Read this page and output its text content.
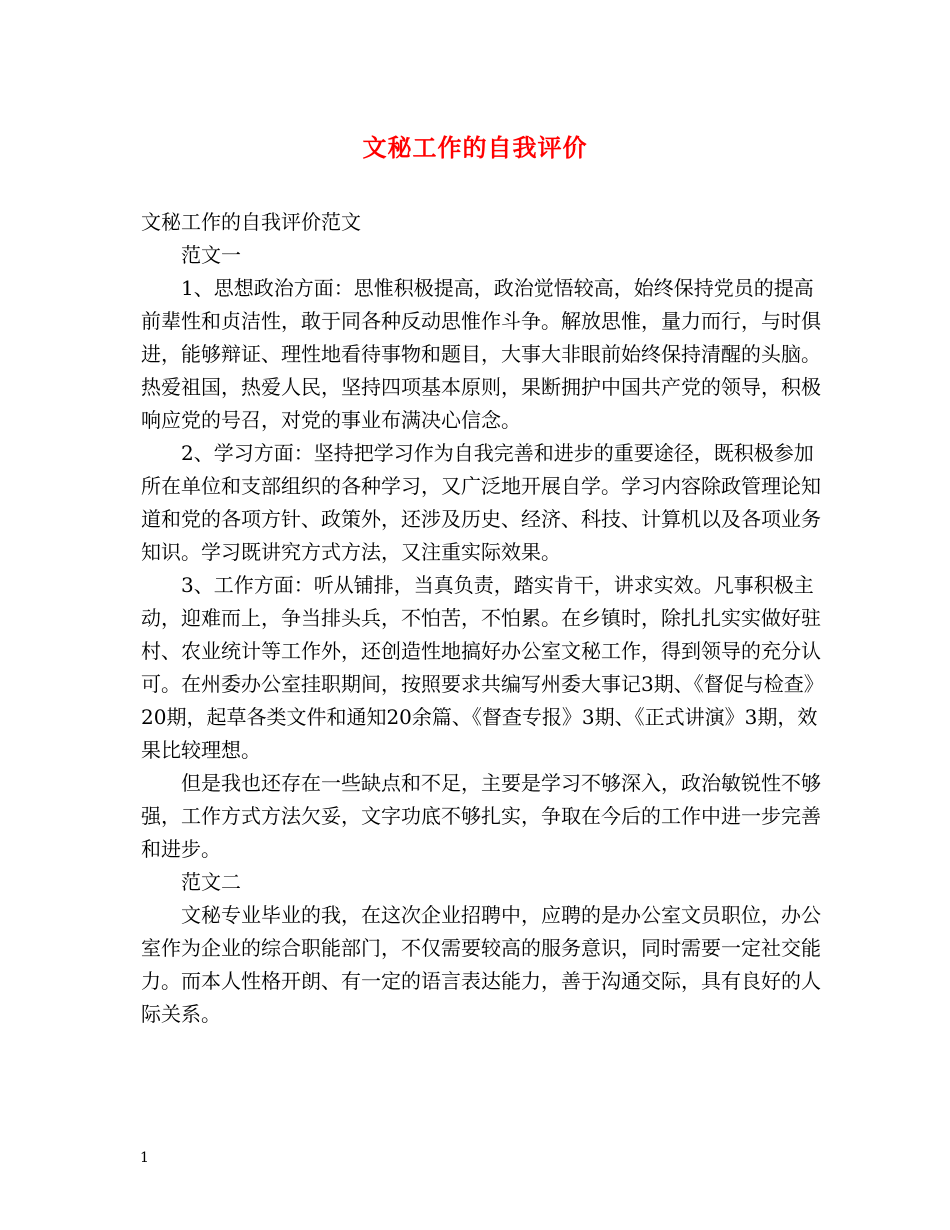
文秘工作的自我评价

文秘工作的自我评价范文

范文一

1、思想政治方面：思惟积极提高，政治觉悟较高，始终保持党员的提高前辈性和贞洁性，敢于同各种反动思惟作斗争。解放思惟，量力而行，与时俱进，能够辩证、理性地看待事物和题目，大事大非眼前始终保持清醒的头脑。热爱祖国，热爱人民，坚持四项基本原则，果断拥护中国共产党的领导，积极响应党的号召，对党的事业布满决心信念。

2、学习方面：坚持把学习作为自我完善和进步的重要途径，既积极参加所在单位和支部组织的各种学习，又广泛地开展自学。学习内容除政管理论知道和党的各项方针、政策外，还涉及历史、经济、科技、计算机以及各项业务知识。学习既讲究方式方法，又注重实际效果。

3、工作方面：听从铺排，当真负责，踏实肯干，讲求实效。凡事积极主动，迎难而上，争当排头兵，不怕苦，不怕累。在乡镇时，除扎扎实实做好驻村、农业统计等工作外，还创造性地搞好办公室文秘工作，得到领导的充分认可。在州委办公室挂职期间，按照要求共编写州委大事记3期、《督促与检查》20期，起草各类文件和通知20余篇、《督查专报》3期、《正式讲演》3期，效果比较理想。

但是我也还存在一些缺点和不足，主要是学习不够深入，政治敏锐性不够强，工作方式方法欠妥，文字功底不够扎实，争取在今后的工作中进一步完善和进步。

范文二

文秘专业毕业的我，在这次企业招聘中，应聘的是办公室文员职位，办公室作为企业的综合职能部门，不仅需要较高的服务意识，同时需要一定社交能力。而本人性格开朗、有一定的语言表达能力，善于沟通交际，具有良好的人际关系。

1
